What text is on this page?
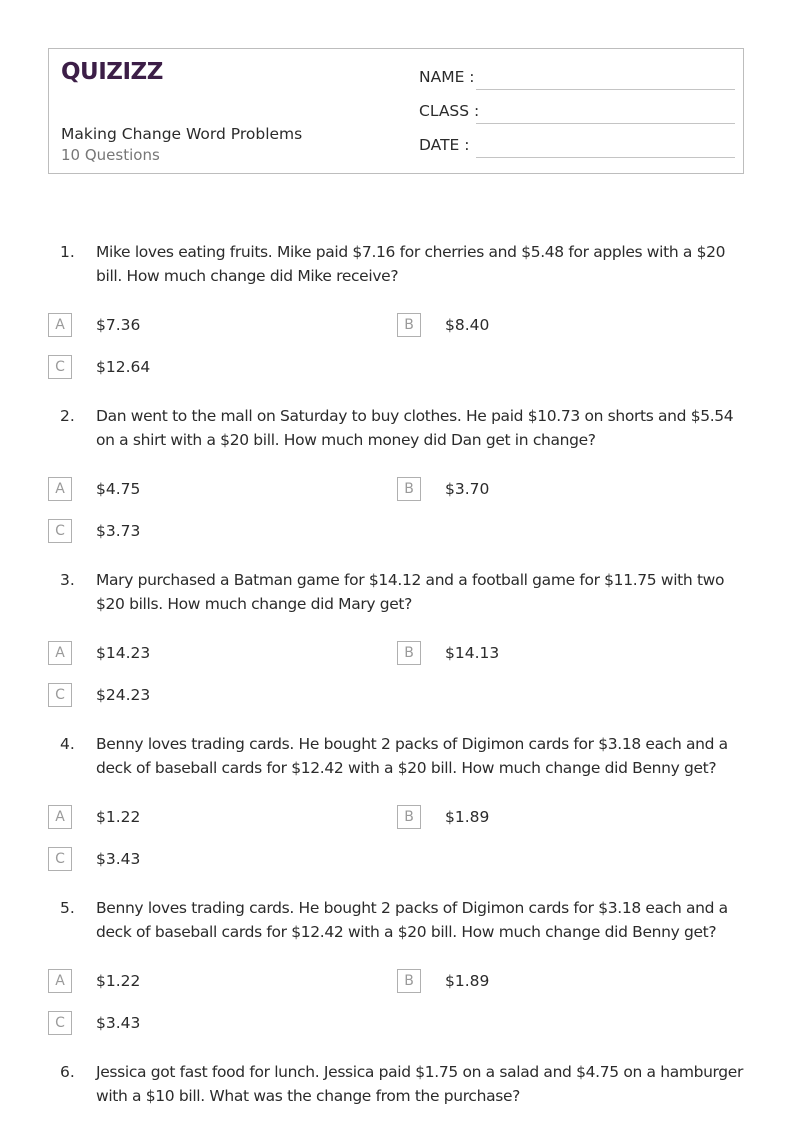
QUIZIZZ
Making Change Word Problems
10 Questions
NAME :
CLASS :
DATE :
1. Mike loves eating fruits. Mike paid $7.16 for cherries and $5.48 for apples with a $20 bill. How much change did Mike receive?
A	$7.36	B	$8.40
C	$12.64
2. Dan went to the mall on Saturday to buy clothes. He paid $10.73 on shorts and $5.54 on a shirt with a $20 bill. How much money did Dan get in change?
A	$4.75	B	$3.70
C	$3.73
3. Mary purchased a Batman game for $14.12 and a football game for $11.75 with two $20 bills. How much change did Mary get?
A	$14.23	B	$14.13
C	$24.23
4. Benny loves trading cards. He bought 2 packs of Digimon cards for $3.18 each and a deck of baseball cards for $12.42 with a $20 bill. How much change did Benny get?
A	$1.22	B	$1.89
C	$3.43
5. Benny loves trading cards. He bought 2 packs of Digimon cards for $3.18 each and a deck of baseball cards for $12.42 with a $20 bill. How much change did Benny get?
A	$1.22	B	$1.89
C	$3.43
6. Jessica got fast food for lunch. Jessica paid $1.75 on a salad and $4.75 on a hamburger with a $10 bill. What was the change from the purchase?
